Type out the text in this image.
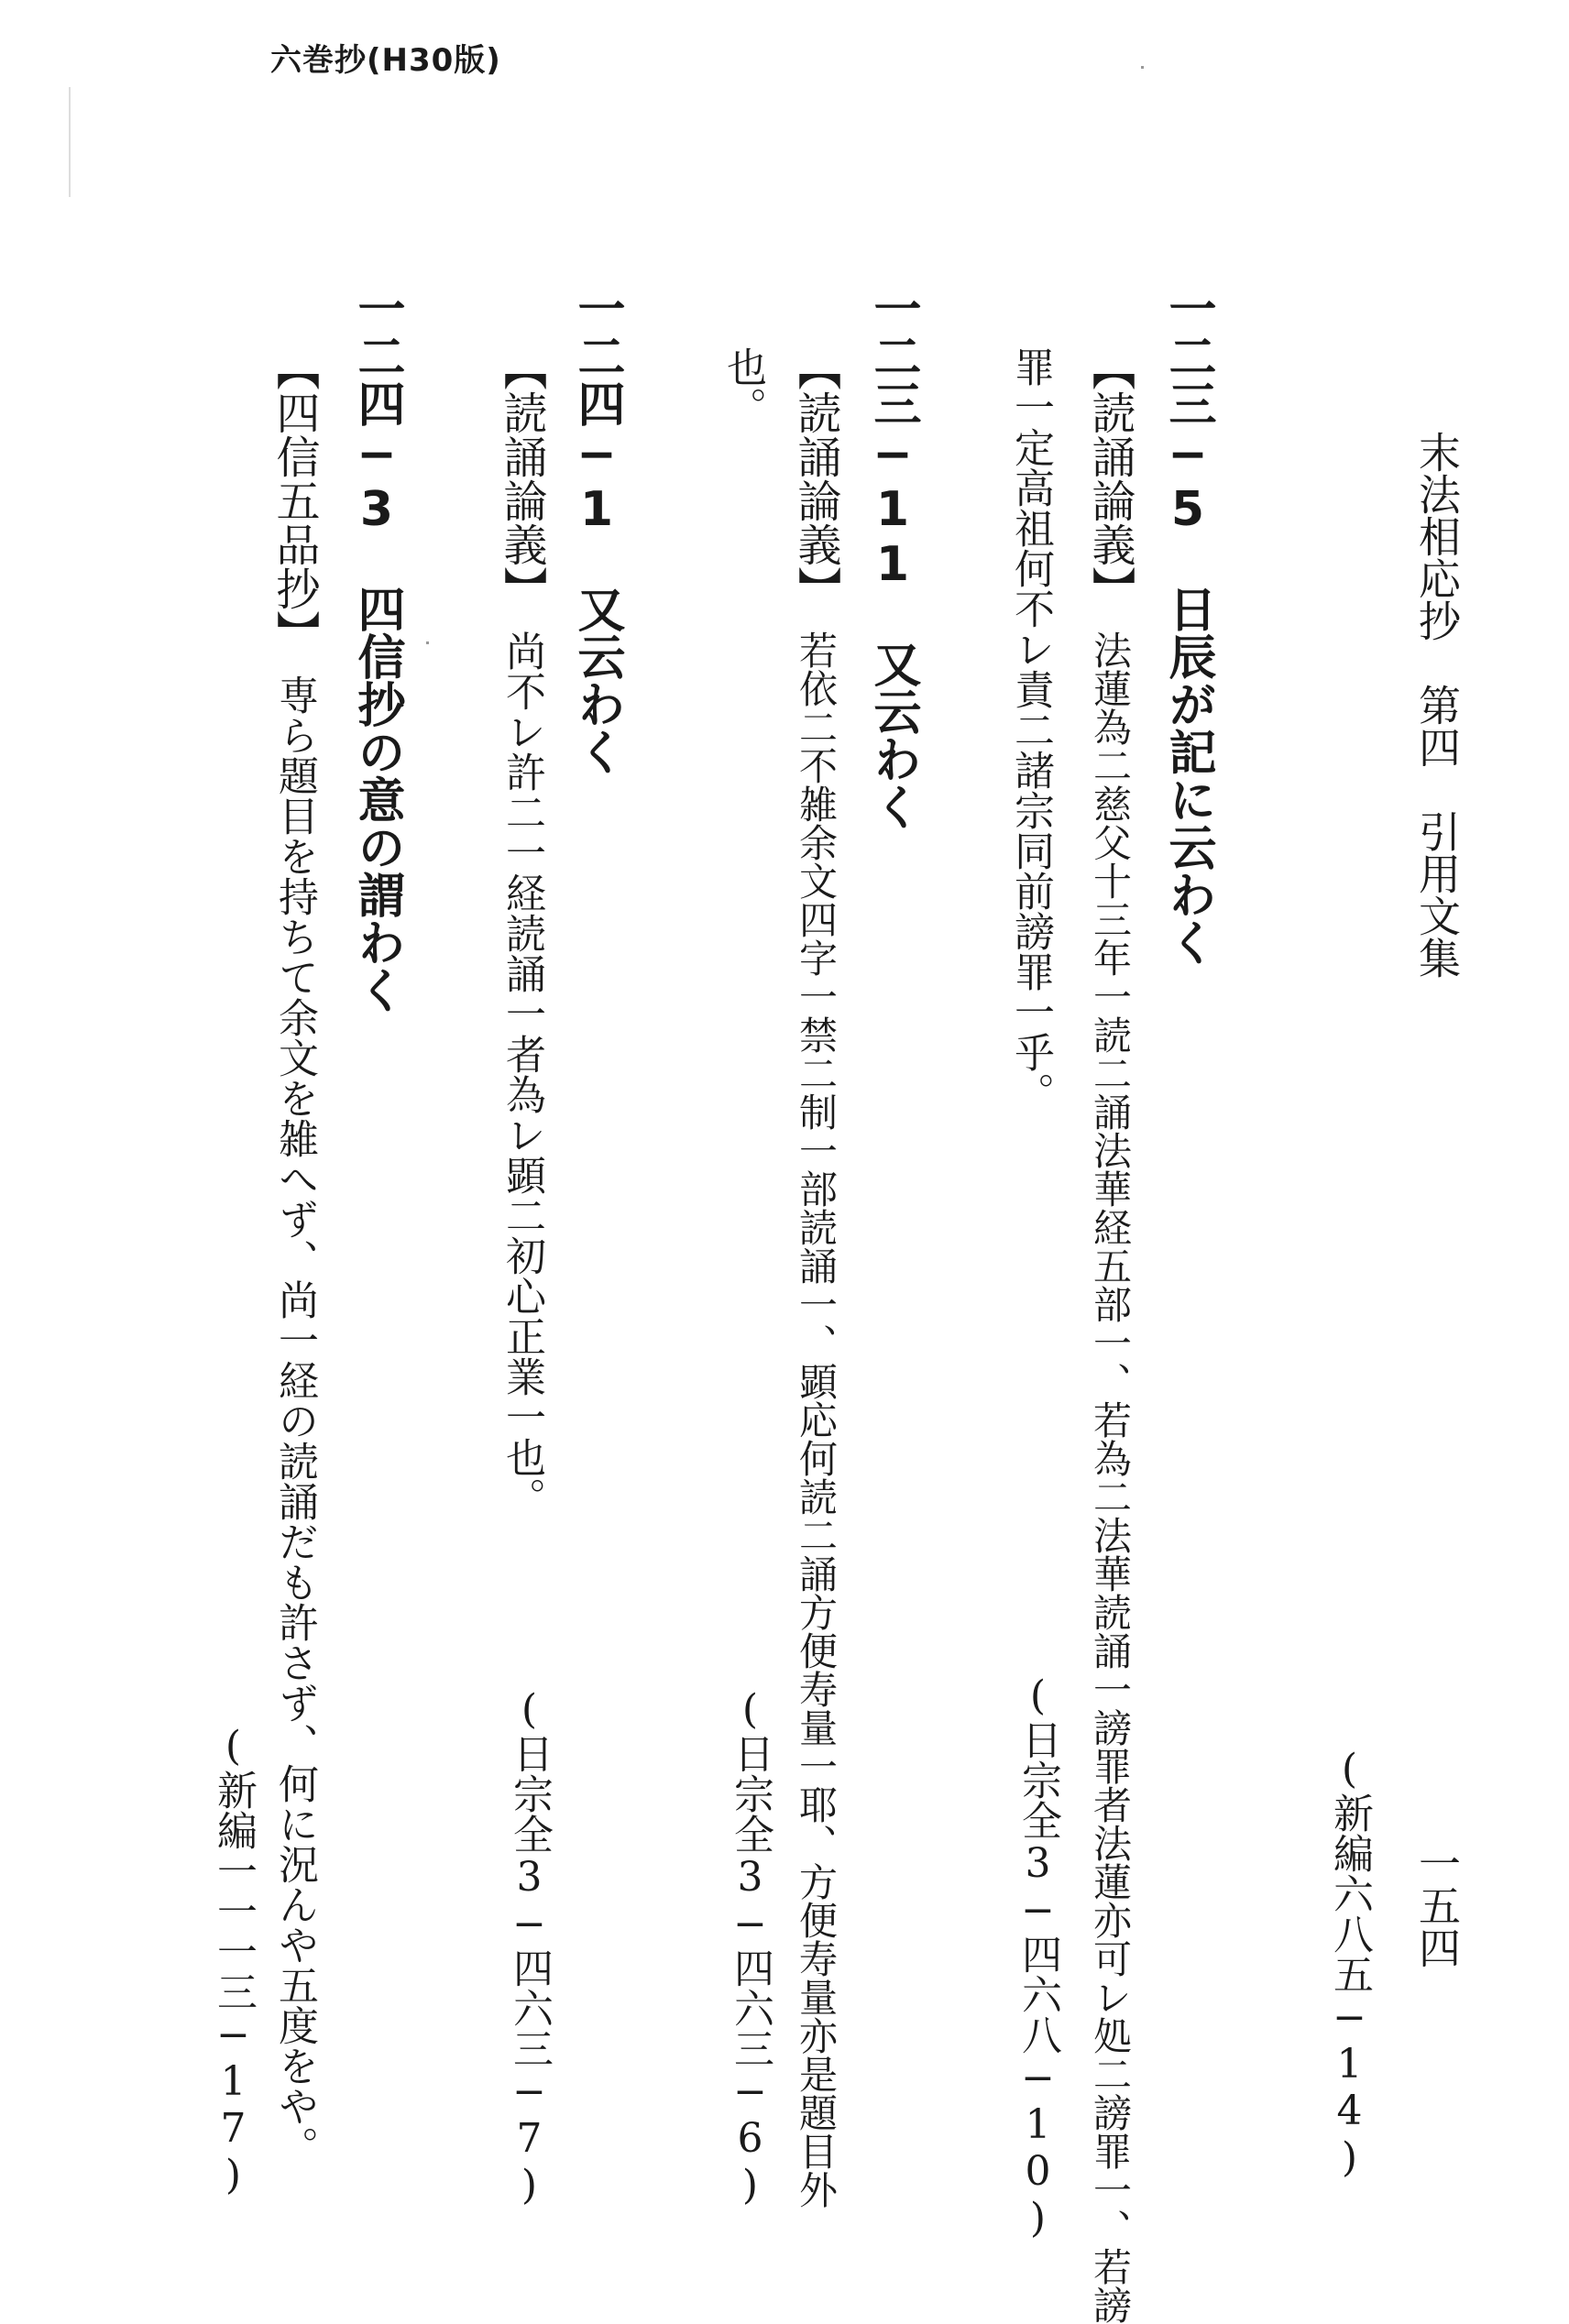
六巻抄(H30版)
末法相応抄　第四　引用文集
一五四
(新編六八五−14)
一二三−5　日辰が記に云わく
【読誦論義】法蓮為二慈父十三年一読二誦法華経五部一、若為二法華読誦一謗罪者法蓮亦可レ処二謗罪一、若謗
罪一定高祖何不レ責二諸宗同前謗罪一乎。
(日宗全3−四六八−10)
一二三−11　又云わく
【読誦論義】若依二不雑余文四字一禁二制一部読誦一、顕応何読二誦方便寿量一耶、方便寿量亦是題目外
也。
(日宗全3−四六三−6)
一二四−1　又云わく
【読誦論義】尚不レ許二一経読誦一者為レ顕二初心正業一也。
(日宗全3−四六三−7)
一二四−3　四信抄の意の謂わく
【四信五品抄】専ら題目を持ちて余文を雑へず、尚一経の読誦だも許さず、何に況んや五度をや。
(新編一一一三−17)
